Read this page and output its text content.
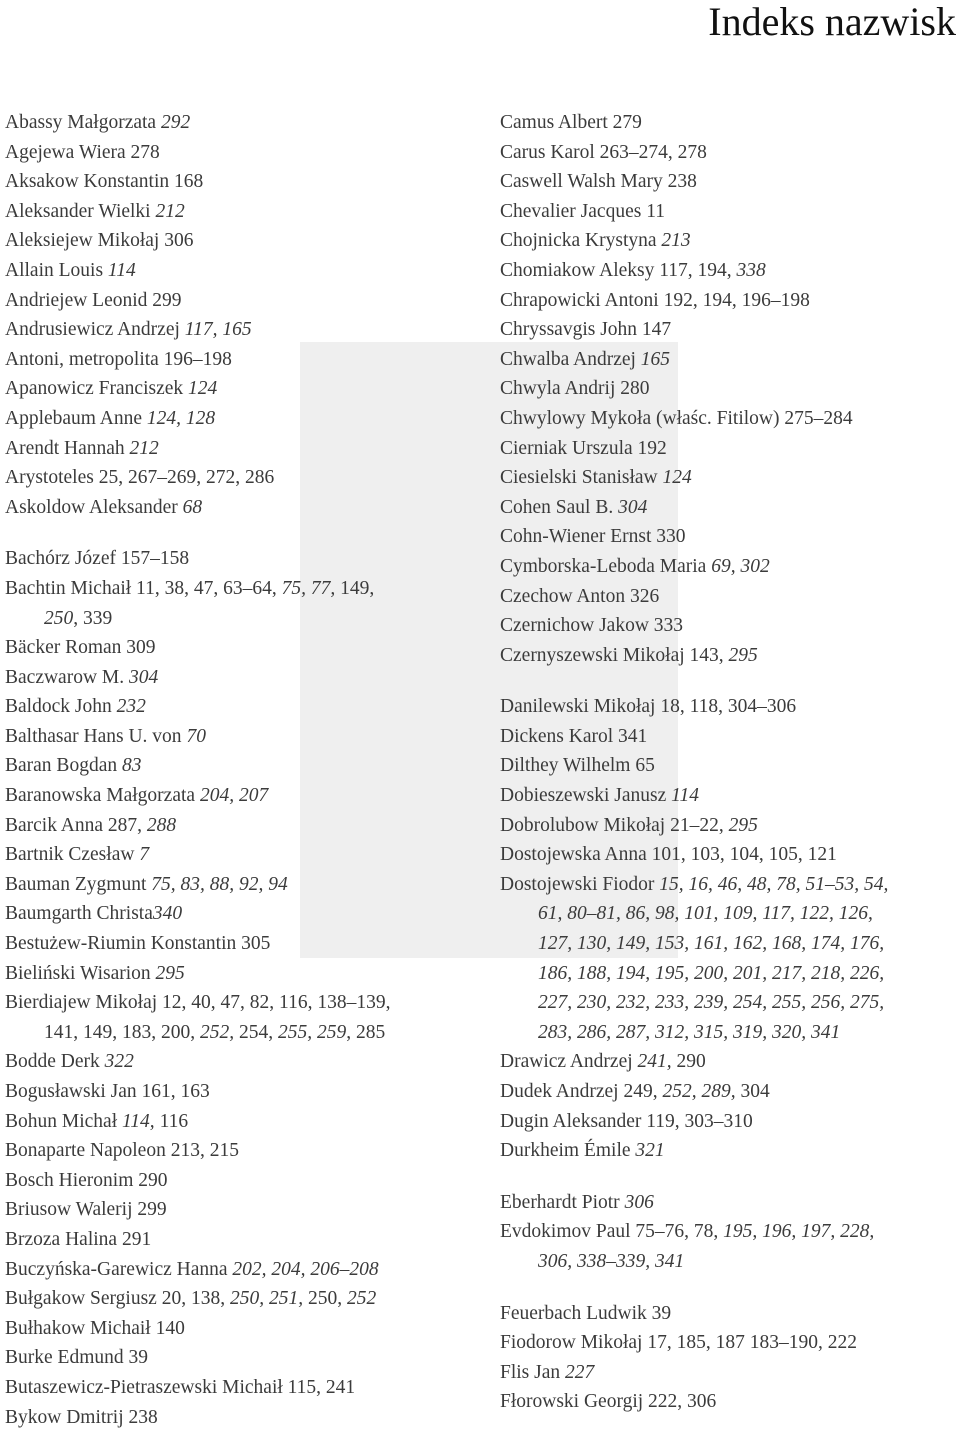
Indeks nazwisk
Abassy Małgorzata 292
Agejewa Wiera 278
Aksakow Konstantin 168
Aleksander Wielki 212
Aleksiejew Mikołaj 306
Allain Louis 114
Andriejew Leonid 299
Andrusiewicz Andrzej 117, 165
Antoni, metropolita 196–198
Apanowicz Franciszek 124
Applebaum Anne 124, 128
Arendt Hannah 212
Arystoteles 25, 267–269, 272, 286
Askoldow Aleksander 68
Bachórz Józef 157–158
Bachtin Michaił 11, 38, 47, 63–64, 75, 77, 149,
250, 339
Bäcker Roman 309
Baczwarow M. 304
Baldock John 232
Balthasar Hans U. von 70
Baran Bogdan 83
Baranowska Małgorzata 204, 207
Barcik Anna 287, 288
Bartnik Czesław 7
Bauman Zygmunt 75, 83, 88, 92, 94
Baumgarth Christa340
Bestużew-Riumin Konstantin 305
Bieliński Wisarion 295
Bierdiajew Mikołaj 12, 40, 47, 82, 116, 138–139,
141, 149, 183, 200, 252, 254, 255, 259, 285
Bodde Derk 322
Bogusławski Jan 161, 163
Bohun Michał 114, 116
Bonaparte Napoleon 213, 215
Bosch Hieronim 290
Briusow Walerij 299
Brzoza Halina 291
Buczyńska-Garewicz Hanna 202, 204, 206–208
Bułgakow Sergiusz 20, 138, 250, 251, 250, 252
Bułhakow Michaił 140
Burke Edmund 39
Butaszewicz-Pietraszewski Michaił 115, 241
Bykow Dmitrij 238
Camus Albert 279
Carus Karol 263–274, 278
Caswell Walsh Mary 238
Chevalier Jacques 11
Chojnicka Krystyna 213
Chomiakow Aleksy 117, 194, 338
Chrapowicki Antoni 192, 194, 196–198
Chryssavgis John 147
Chwalba Andrzej 165
Chwyla Andrij 280
Chwylowy Mykoła (właśc. Fitilow) 275–284
Cierniak Urszula 192
Ciesielski Stanisław 124
Cohen Saul B. 304
Cohn-Wiener Ernst 330
Cymborska-Leboda Maria 69, 302
Czechow Anton 326
Czernichow Jakow 333
Czernyszewski Mikołaj 143, 295
Danilewski Mikołaj 18, 118, 304–306
Dickens Karol 341
Dilthey Wilhelm 65
Dobieszewski Janusz 114
Dobrolubow Mikołaj 21–22, 295
Dostojewska Anna 101, 103, 104, 105, 121
Dostojewski Fiodor 15, 16, 46, 48, 78, 51–53, 54,
61, 80–81, 86, 98, 101, 109, 117, 122, 126,
127, 130, 149, 153, 161, 162, 168, 174, 176,
186, 188, 194, 195, 200, 201, 217, 218, 226,
227, 230, 232, 233, 239, 254, 255, 256, 275,
283, 286, 287, 312, 315, 319, 320, 341
Drawicz Andrzej 241, 290
Dudek Andrzej 249, 252, 289, 304
Dugin Aleksander 119, 303–310
Durkheim Émile 321
Eberhardt Piotr 306
Evdokimov Paul 75–76, 78, 195, 196, 197, 228,
306, 338–339, 341
Feuerbach Ludwik 39
Fiodorow Mikołaj 17, 185, 187 183–190, 222
Flis Jan 227
Fłorowski Georgij 222, 306
